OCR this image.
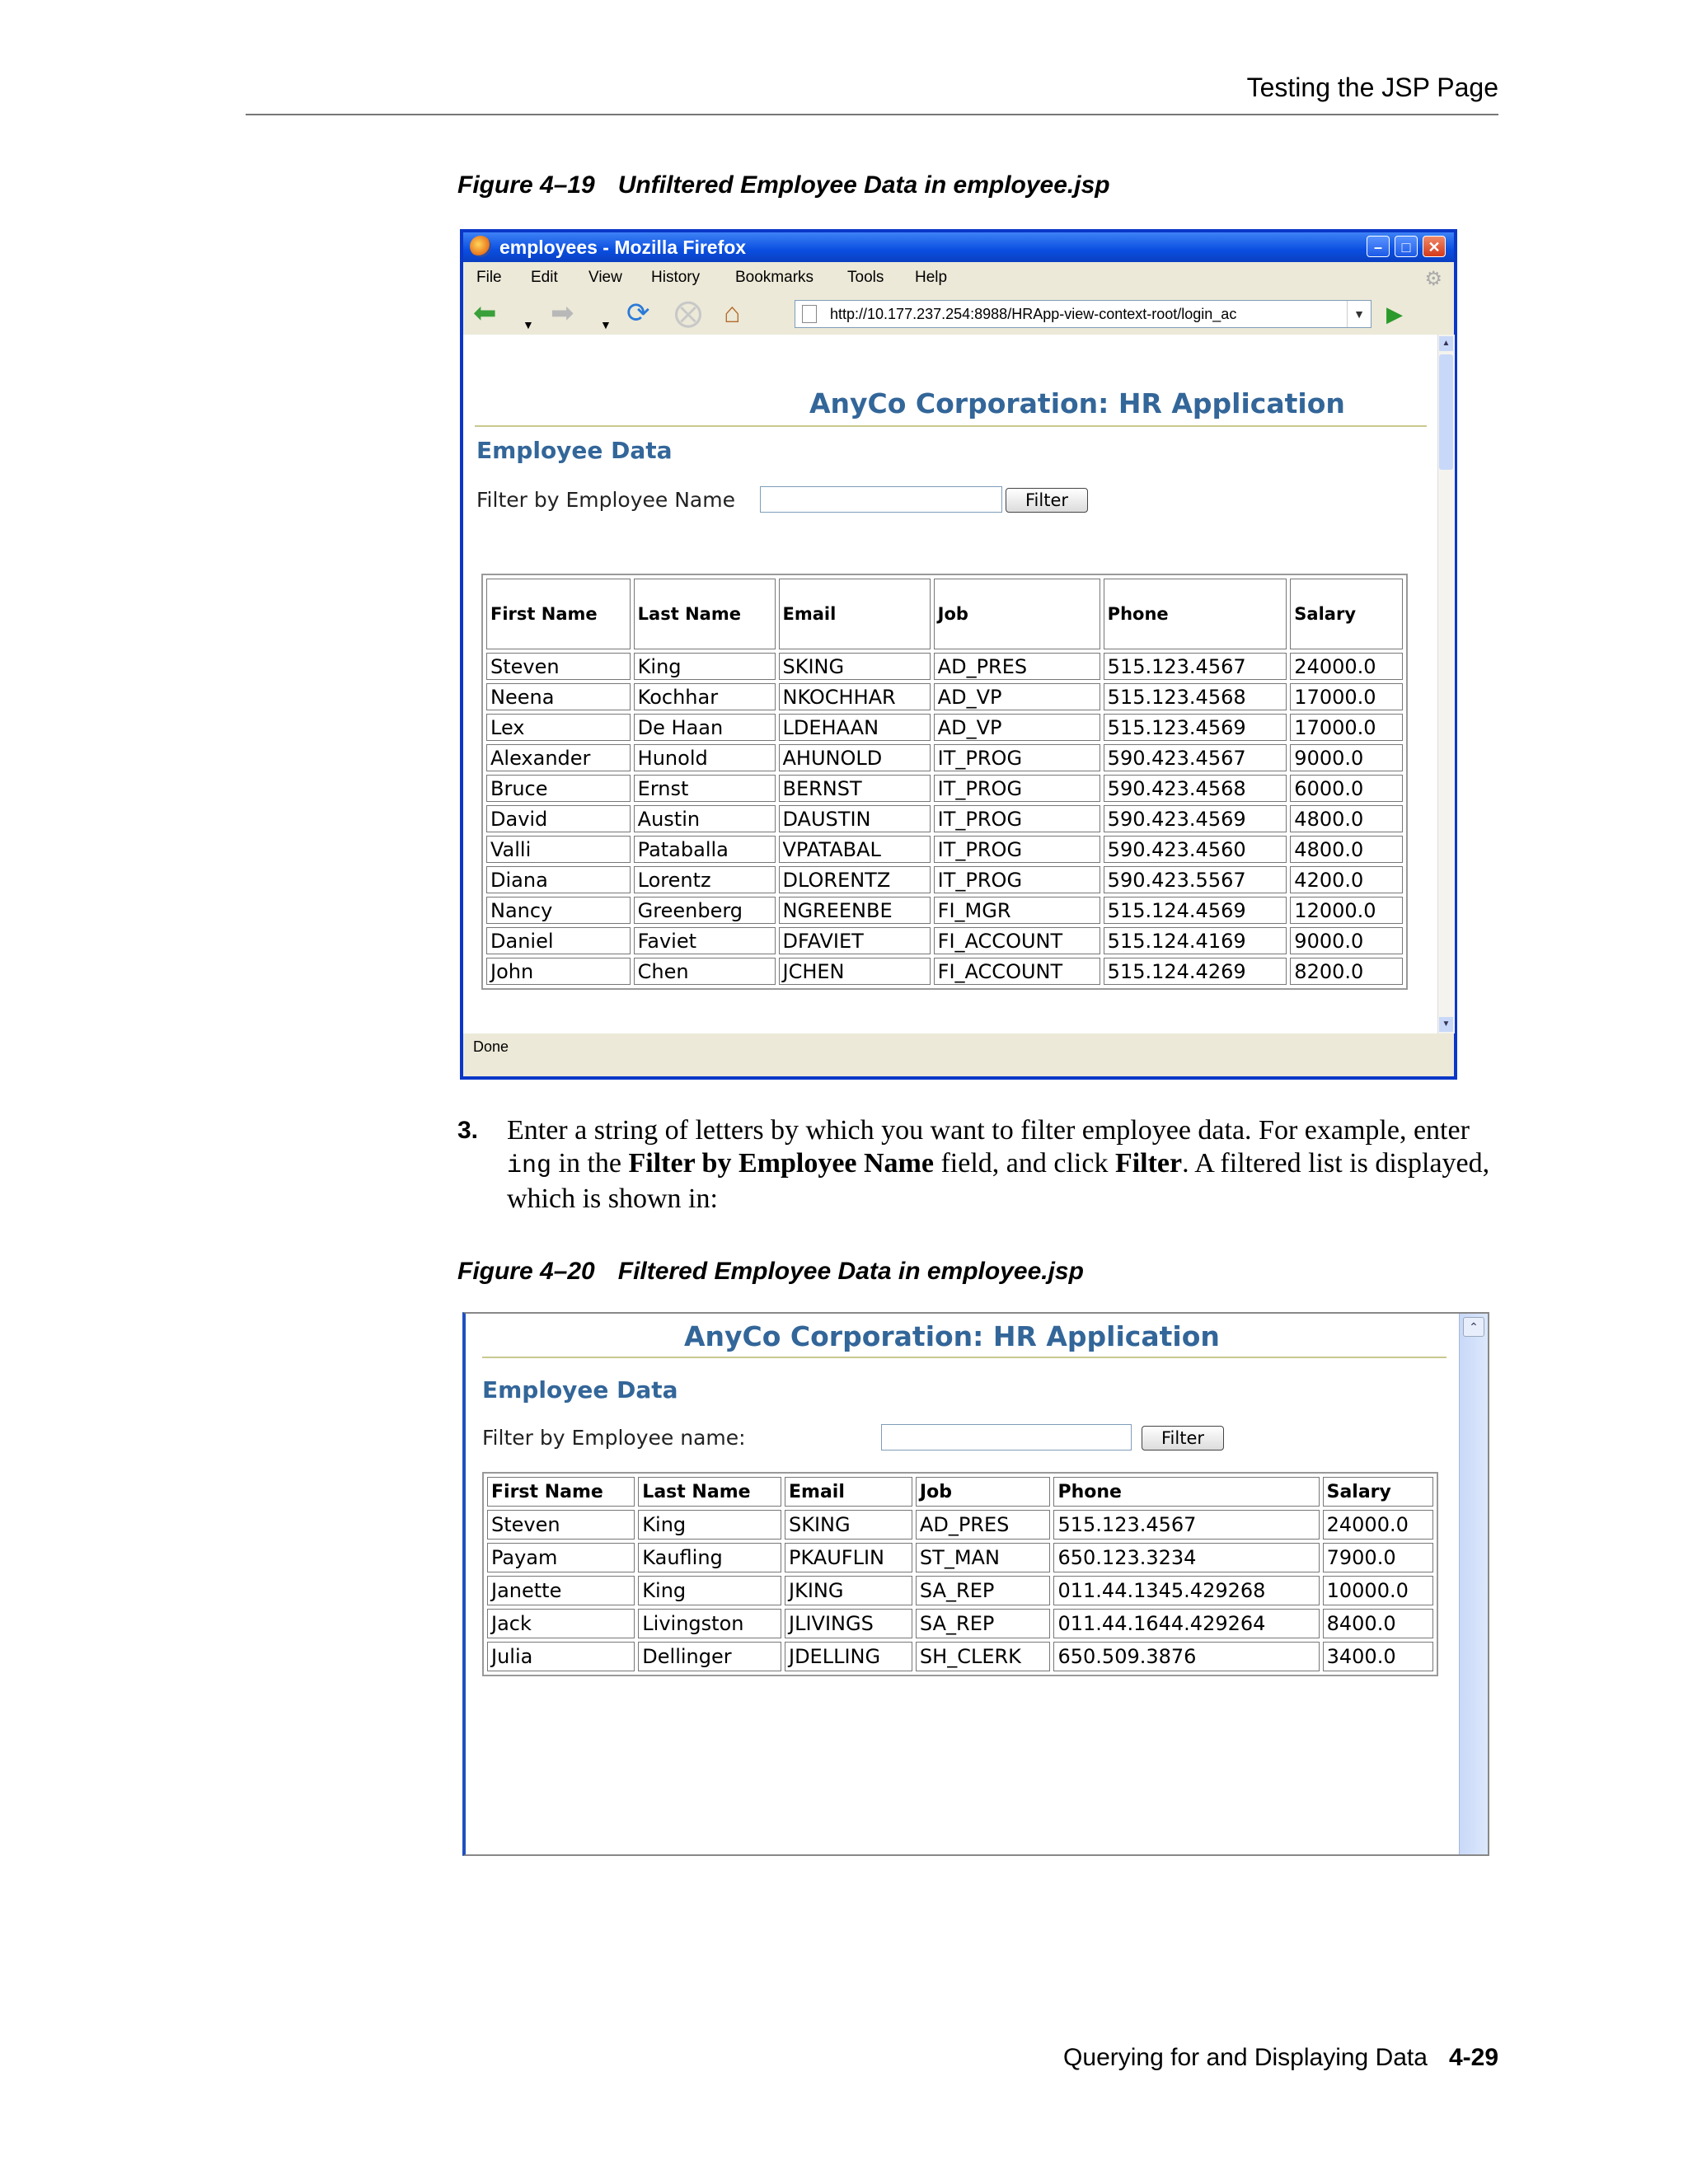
Testing the JSP Page
Figure 4–19 Unfiltered Employee Data in employee.jsp
employees - Mozilla Firefox	–	□	✕
File Edit View History Bookmarks Tools Help	⚙
⬅ ▼ ➡ ▼ ⟳ ⨂ ⌂	http://10.177.237.254:8988/HRApp-view-context-root/login_ac	▼	▶
AnyCo Corporation: HR Application
Employee Data
Filter by Employee Name	Filter
First Name	Last Name	Email	Job	Phone	Salary
Steven	King	SKING	AD_PRES	515.123.4567	24000.0
Neena	Kochhar	NKOCHHAR	AD_VP	515.123.4568	17000.0
Lex	De Haan	LDEHAAN	AD_VP	515.123.4569	17000.0
Alexander	Hunold	AHUNOLD	IT_PROG	590.423.4567	9000.0
Bruce	Ernst	BERNST	IT_PROG	590.423.4568	6000.0
David	Austin	DAUSTIN	IT_PROG	590.423.4569	4800.0
Valli	Pataballa	VPATABAL	IT_PROG	590.423.4560	4800.0
Diana	Lorentz	DLORENTZ	IT_PROG	590.423.5567	4200.0
Nancy	Greenberg	NGREENBE	FI_MGR	515.124.4569	12000.0
Daniel	Faviet	DFAVIET	FI_ACCOUNT	515.124.4169	9000.0
John	Chen	JCHEN	FI_ACCOUNT	515.124.4269	8200.0
▲
▼
Done
3. Enter a string of letters by which you want to filter employee data. For example, enter ing in the Filter by Employee Name field, and click Filter. A filtered list is displayed, which is shown in:
Figure 4–20 Filtered Employee Data in employee.jsp
AnyCo Corporation: HR Application
Employee Data
Filter by Employee name:	Filter
First Name	Last Name	Email	Job	Phone	Salary
Steven	King	SKING	AD_PRES	515.123.4567	24000.0
Payam	Kaufling	PKAUFLIN	ST_MAN	650.123.3234	7900.0
Janette	King	JKING	SA_REP	011.44.1345.429268	10000.0
Jack	Livingston	JLIVINGS	SA_REP	011.44.1644.429264	8400.0
Julia	Dellinger	JDELLING	SH_CLERK	650.509.3876	3400.0
⌃
Querying for and Displaying Data 4-29
